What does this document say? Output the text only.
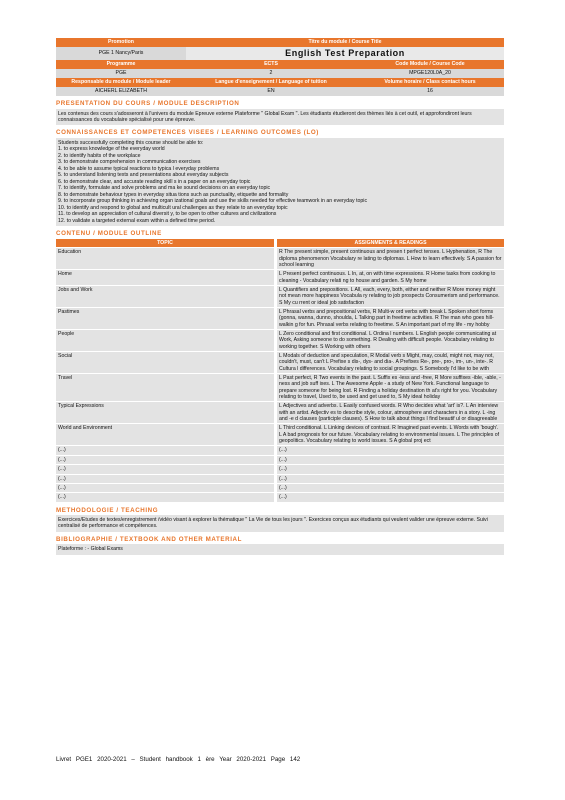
Promotion	Titre du module / Course Title	
PGE 1 Nancy/Paris	English Test Preparation	
Programme	ECTS	Code Module / Course Code
PGE	2	MPGE120L0A_20
Responsable du module / Module leader	Langue d'enseignement / Language of tuition	Volume horaire / Class contact hours
AICHERL ELIZABETH	EN	16
PRESENTATION DU COURS / MODULE DESCRIPTION
Les contenus des cours s'adosseront à l'univers du module Epreuve externe Plateforme " Global Exam ". Les étudiants étudieront des thèmes liés à cet outil, et approfondiront leurs connaissances du vocabulaire spécialisé pour une épreuve.
CONNAISSANCES ET COMPETENCES VISEES / LEARNING OUTCOMES (LO)
Students successfully completing this course should be able to:
1. to express knowledge of the everyday world
2. to identify habits of the workplace
3. to demonstrate comprehension in communication exercises
4. to be able to assume typical reactions to typica l everyday problems
5. to understand listening texts and presentations about everyday subjects
6. to demonstrate clear, and accurate reading skill s in a paper on an everyday topic
7. to identify, formulate and solve problems and ma ke sound decisions on an everyday topic
8. to demonstrate behaviour types in everyday situa tions such as punctuality, etiquette and formality
9. to incorporate group thinking in achieving organ izational goals and use the skills needed for effective teamwork in an everyday topic
10. to identify and respond to global and multicult ural challenges as they relate to an everyday topic
11. to develop an appreciation of cultural diversit y, to be open to other cultures and civilizations
12. to validate a targeted external exam within a defined time period.
CONTENU / MODULE OUTLINE
TOPIC		ASSIGNMENTS & READINGS
Education		R The present simple, present continuous and presen t perfect tenses. L Hyphenation, R The diploma phenomenon Vocabulary re lating to diplomas. L How to learn effectively. S A passion for school learning
Home		L Present perfect continuous. L In, at, on with time expressions. R Home tasks from cooking to cleaning - Vocabulary relati ng to house and garden. S My home
Jobs and Work		L Quantifiers and prepositions. L All, each, every, both, either and neither R More money might not mean more happiness Vocabula ry relating to job prospects Consumerism and performance. S My cu rrent or ideal job satisfaction
Pastimes		L Phrasal verbs and prepositional verbs, R Multi-w ord verbs with break L Spoken short forms (gonna, wanna, dunno, shoulda, L Talking part in freetime activities. R The man who goes hill-walkin g for fun. Phrasal verbs relating to freetime. S An important part of my life - my hobby
People		L Zero conditional and first conditional. L Ordina l numbers. L English people communicating at Work, Asking someone to do something. R Dealing with difficult people. Vocabulary relating to working together. S Working with others
Social		L Modals of deduction and speculation, R Modal verb s Might, may, could, might not, may not, couldn't, must, can't L Prefixe s dis-, dys- and dia-. A Prefixes Re-, pre-, pro-, im-, un-, inte-. R Cultura l differences. Vocabulary relating to social groupings. S Somebody I'd like to be with
Travel		L Past perfect, R Two events in the past. L Suffix es -less and -free, R More suffixes -ible, -able, -ness and job suff ixes. L The Awesome Apple - a study of New York. Functional language to prepare someone for being lost. R Finding a holiday destination th at's right for you. Vocabulary relating to travel, Used to, be used and get used to, S My ideal holiday
Typical Expressions		L Adjectives and adverbs. L Easily confused words. R Who decides what 'art' is?. L An interview with an artist. Adjectiv es to describe style, colour, atmosphere and characters in a story. L -ing and -e d clauses (participle clauses). S How to talk about things I find beautif ul or disagreeable
World and Environment		L Third conditional. L Linking devices of contrast. R Imagined past events. L Words with 'bough'. L A bad prognosis for our future. Vocabulary relating to environmental issues. L The principles of geopolitics. Vocabulary relating to world issues. S A global proj ect
(...)		(...)
(...)		(...)
(...)		(...)
(...)		(...)
(...)		(...)
(...)		(...)
METHODOLOGIE / TEACHING
Exercices/Etudes de textes/enregistrement /vidéo visant à explorer la thématique " La Vie de tous les jours ". Exercices conçus aux étudiants qui veulent valider une épreuve externe. Suivi centralisé de performance et compétences.
BIBLIOGRAPHIE / TEXTBOOK AND OTHER MATERIAL
Plateforme : - Global Exams
Livret PGE1 2020-2021 – Student handbook 1 ère Year 2020-2021 Page 142
